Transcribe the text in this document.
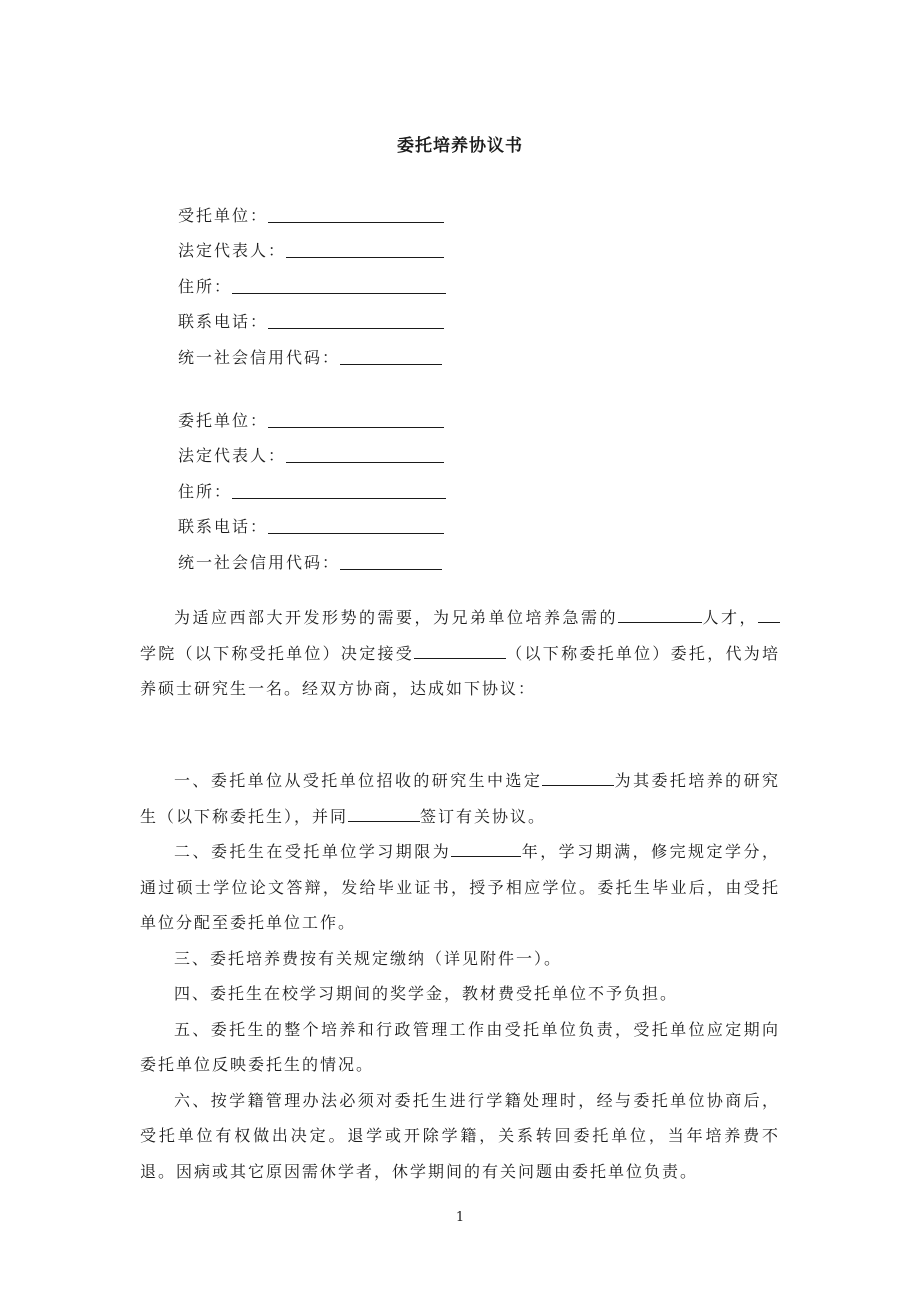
委托培养协议书
受托单位：
法定代表人：
住所：
联系电话：
统一社会信用代码：
委托单位：
法定代表人：
住所：
联系电话：
统一社会信用代码：

为适应西部大开发形势的需要，为兄弟单位培养急需的	人才，学院（以下称受托单位）决定接受	（以下称委托单位）委托，代为培养硕士研究生一名。经双方协商，达成如下协议：

一、委托单位从受托单位招收的研究生中选定	为其委托培养的研究生（以下称委托生），并同	签订有关协议。

二、委托生在受托单位学习期限为	年，学习期满，修完规定学分，通过硕士学位论文答辩，发给毕业证书，授予相应学位。委托生毕业后，由受托单位分配至委托单位工作。

三、委托培养费按有关规定缴纳（详见附件一）。

四、委托生在校学习期间的奖学金，教材费受托单位不予负担。

五、委托生的整个培养和行政管理工作由受托单位负责，受托单位应定期向委托单位反映委托生的情况。

六、按学籍管理办法必须对委托生进行学籍处理时，经与委托单位协商后，受托单位有权做出决定。退学或开除学籍，关系转回委托单位，当年培养费不退。因病或其它原因需休学者，休学期间的有关问题由委托单位负责。

1
